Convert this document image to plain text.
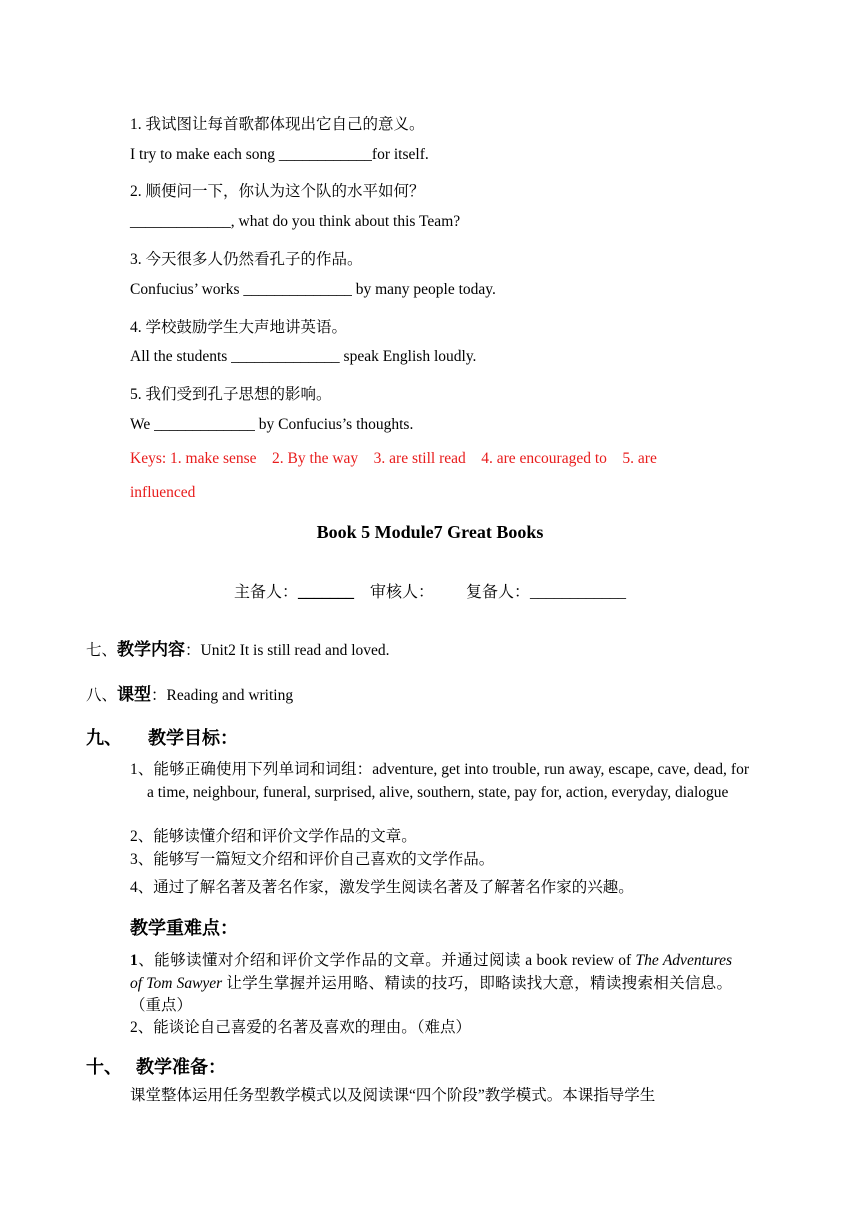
1. 我试图让每首歌都体现出它自己的意义。
I try to make each song ____________for itself.
2. 顺便问一下，你认为这个队的水平如何？
_____________, what do you think about this Team?
3. 今天很多人仍然看孔子的作品。
Confucius’ works ______________ by many people today.
4. 学校鼓励学生大声地讲英语。
All the students ______________ speak English loudly.
5. 我们受到孔子思想的影响。
We _____________ by Confucius’s thoughts.
Keys: 1. make sense    2. By the way    3. are still read    4. are encouraged to    5. are
influenced
Book 5 Module7 Great Books
主备人：_______ 审核人： 复备人：____________
七、教学内容：Unit2 It is still read and loved.
八、课型：Reading and writing
九、 教学目标：
1、能够正确使用下列单词和词组：adventure, get into trouble, run away, escape, cave, dead, for a time, neighbour, funeral, surprised, alive, southern, state, pay for, action, everyday, dialogue
2、能够读懂介绍和评价文学作品的文章。
3、能够写一篇短文介绍和评价自己喜欢的文学作品。
4、通过了解名著及著名作家，激发学生阅读名著及了解著名作家的兴趣。
教学重难点：
1、能够读懂对介绍和评价文学作品的文章。并通过阅读 a book review of The Adventures of Tom Sawyer 让学生掌握并运用略、精读的技巧，即略读找大意，精读搜索相关信息。（重点）
2、能谈论自己喜爱的名著及喜欢的理由。（难点）
十、 教学准备：
课堂整体运用任务型教学模式以及阅读课“四个阶段”教学模式。本课指导学生
